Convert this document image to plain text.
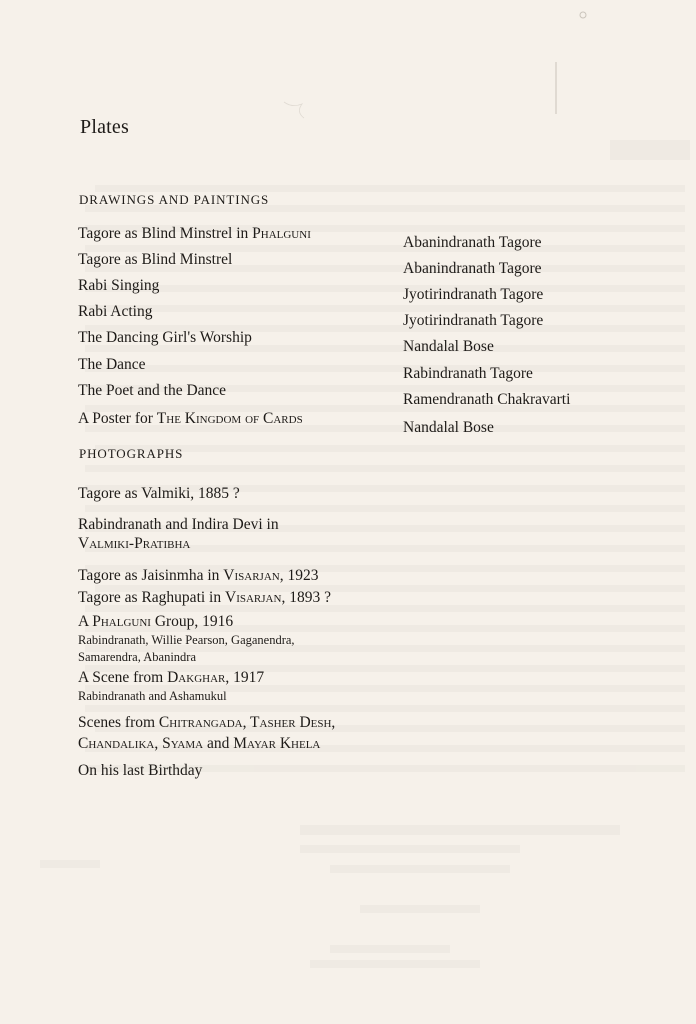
Plates
DRAWINGS AND PAINTINGS
Tagore as Blind Minstrel in Phalguni
Abanindranath Tagore
Tagore as Blind Minstrel
Abanindranath Tagore
Rabi Singing
Jyotirindranath Tagore
Rabi Acting
Jyotirindranath Tagore
The Dancing Girl's Worship
Nandalal Bose
The Dance
Rabindranath Tagore
The Poet and the Dance
Ramendranath Chakravarti
A Poster for The Kingdom of Cards
Nandalal Bose
PHOTOGRAPHS
Tagore as Valmiki, 1885 ?
Rabindranath and Indira Devi in
Valmiki-Pratibha
Tagore as Jaisinmha in Visarjan, 1923
Tagore as Raghupati in Visarjan, 1893 ?
A Phalguni Group, 1916
Rabindranath, Willie Pearson, Gaganendra,
Samarendra, Abanindra
A Scene from Dakghar, 1917
Rabindranath and Ashamukul
Scenes from Chitrangada, Tasher Desh,
Chandalika, Syama and Mayar Khela
On his last Birthday
